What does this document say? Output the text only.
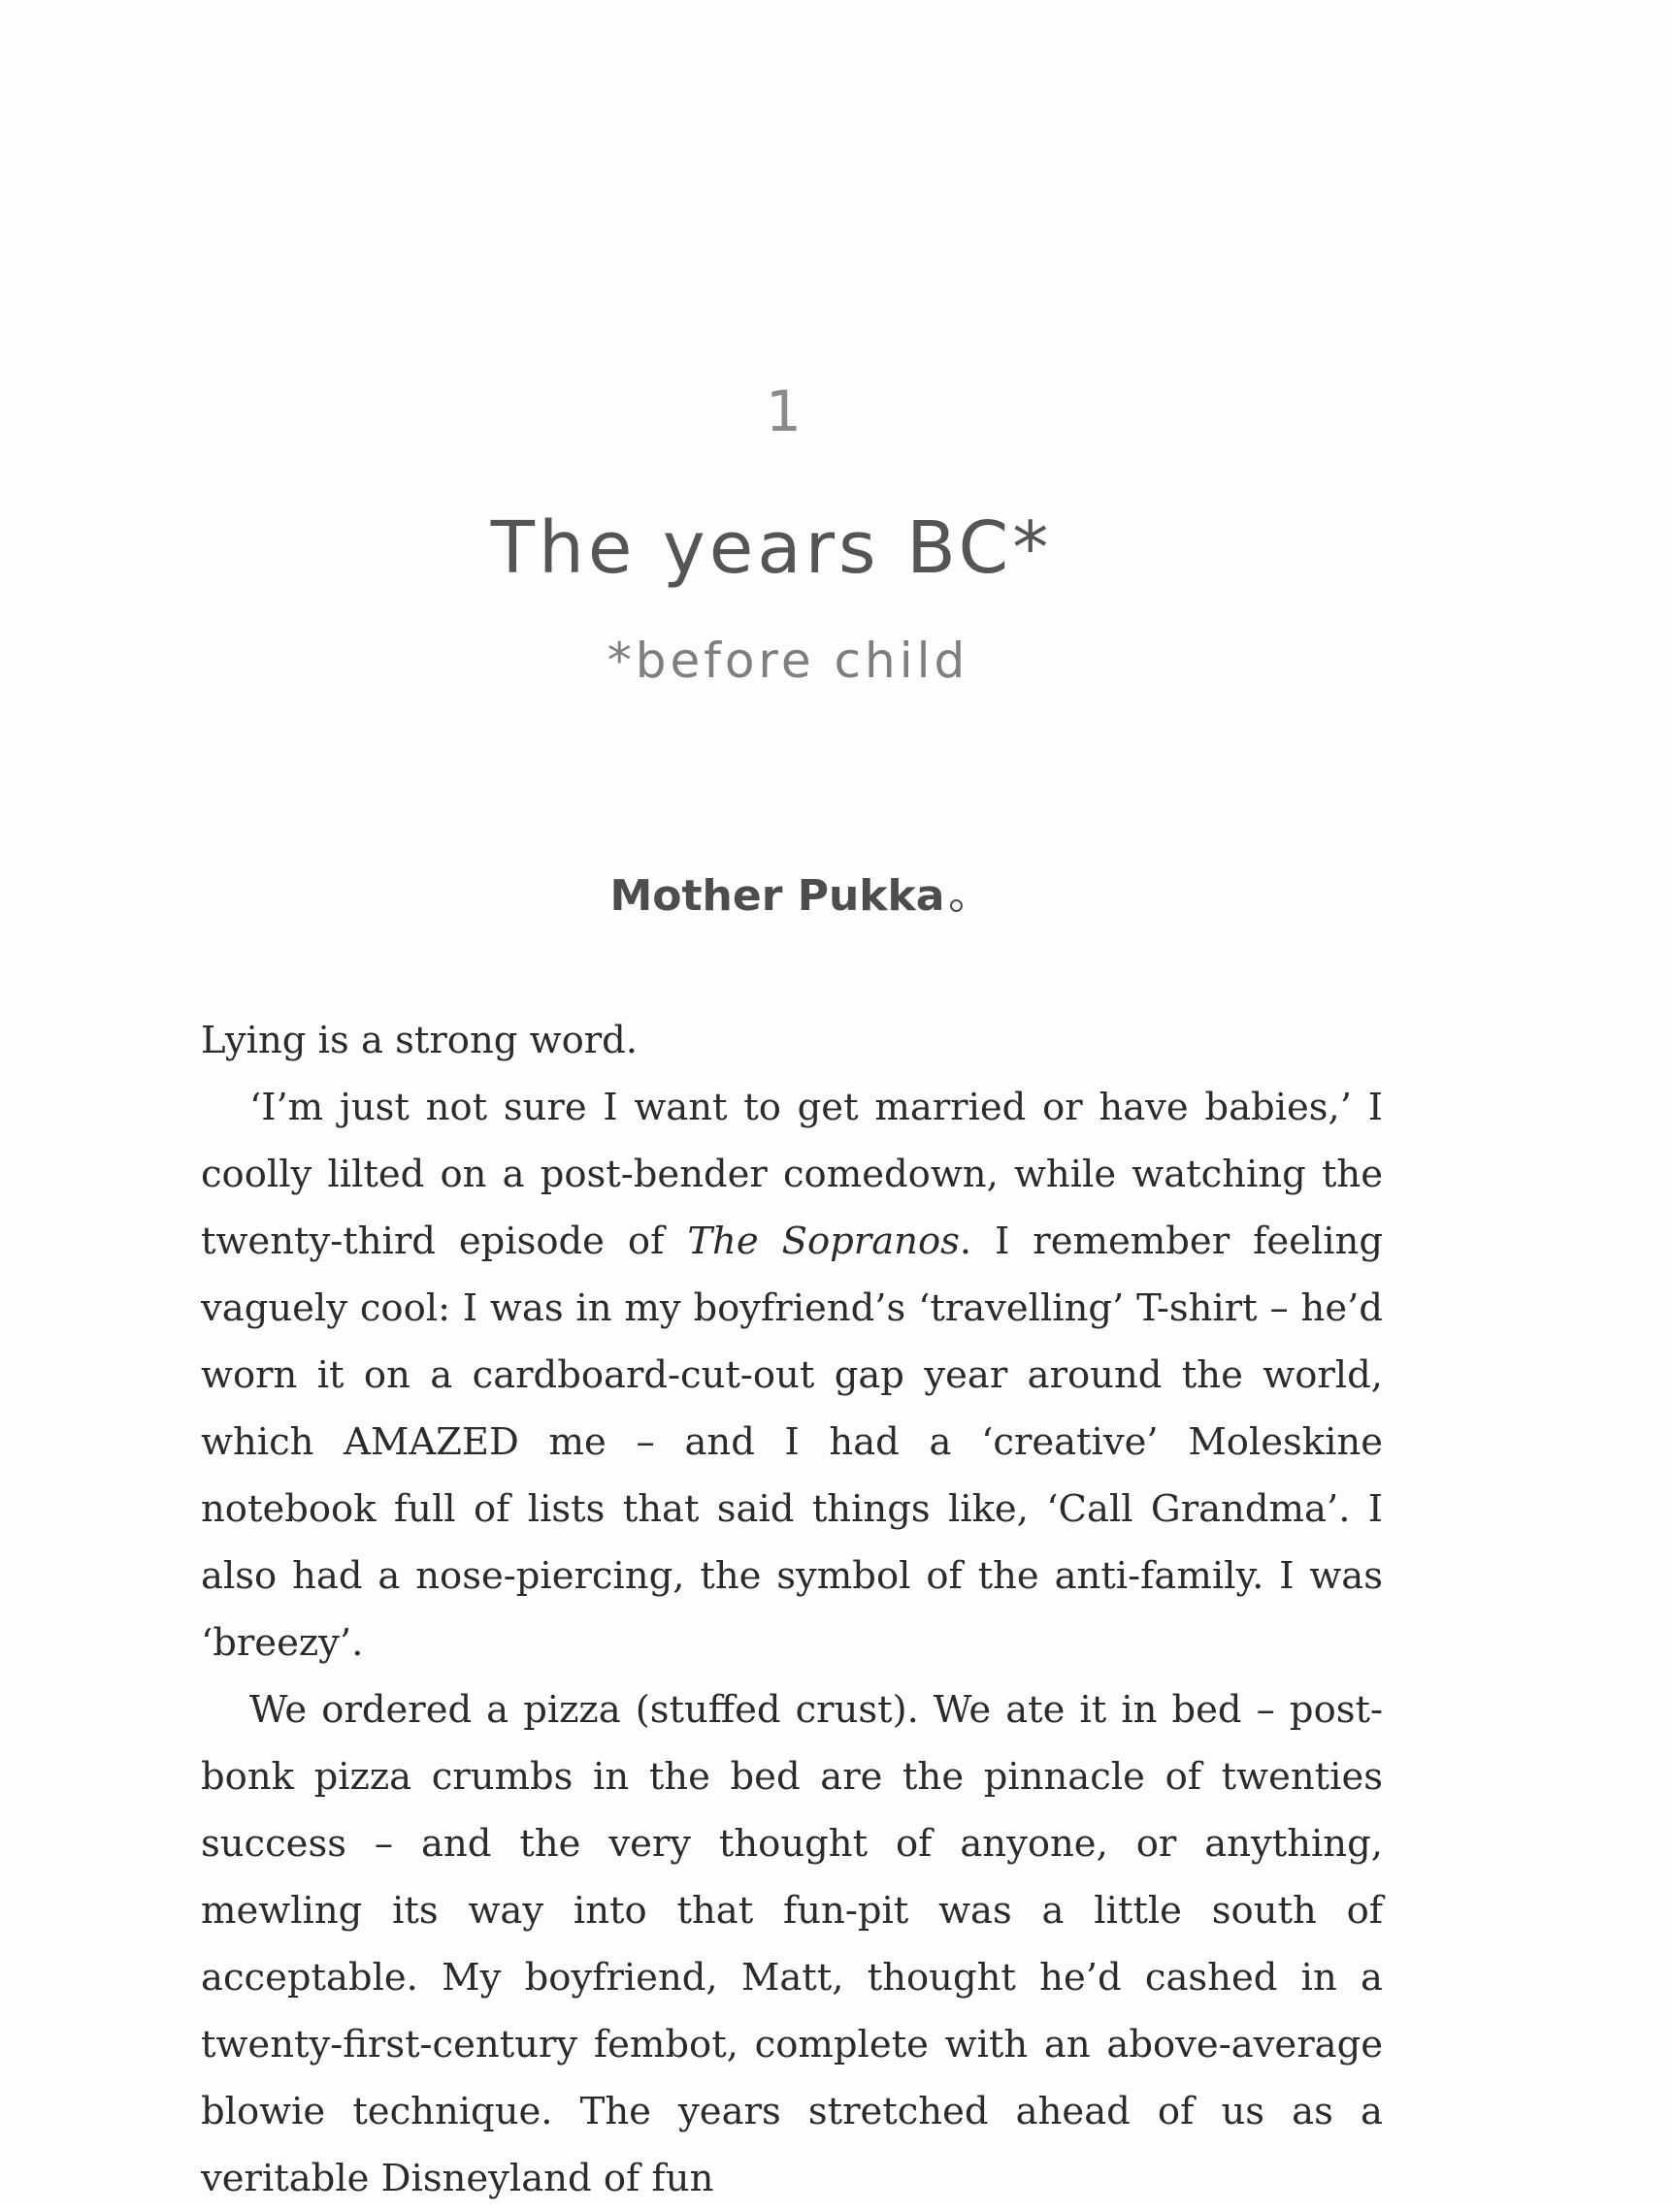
1
The years BC*
*before child
Mother Pukka

Lying is a strong word.

‘I’m just not sure I want to get married or have babies,’ I coolly lilted on a post-bender comedown, while watching the twenty-third episode of The Sopranos. I remember feeling vaguely cool: I was in my boyfriend’s ‘travelling’ T-shirt – he’d worn it on a cardboard-cut-out gap year around the world, which AMAZED me – and I had a ‘creative’ Moleskine notebook full of lists that said things like, ‘Call Grandma’. I also had a nose-piercing, the symbol of the anti-family. I was ‘breezy’.

We ordered a pizza (stuffed crust). We ate it in bed – post-bonk pizza crumbs in the bed are the pinnacle of twenties success – and the very thought of anyone, or anything, mewling its way into that fun-pit was a little south of acceptable. My boyfriend, Matt, thought he’d cashed in a twenty-first-century fembot, complete with an above-average blowie technique. The years stretched ahead of us as a veritable Disneyland of fun
